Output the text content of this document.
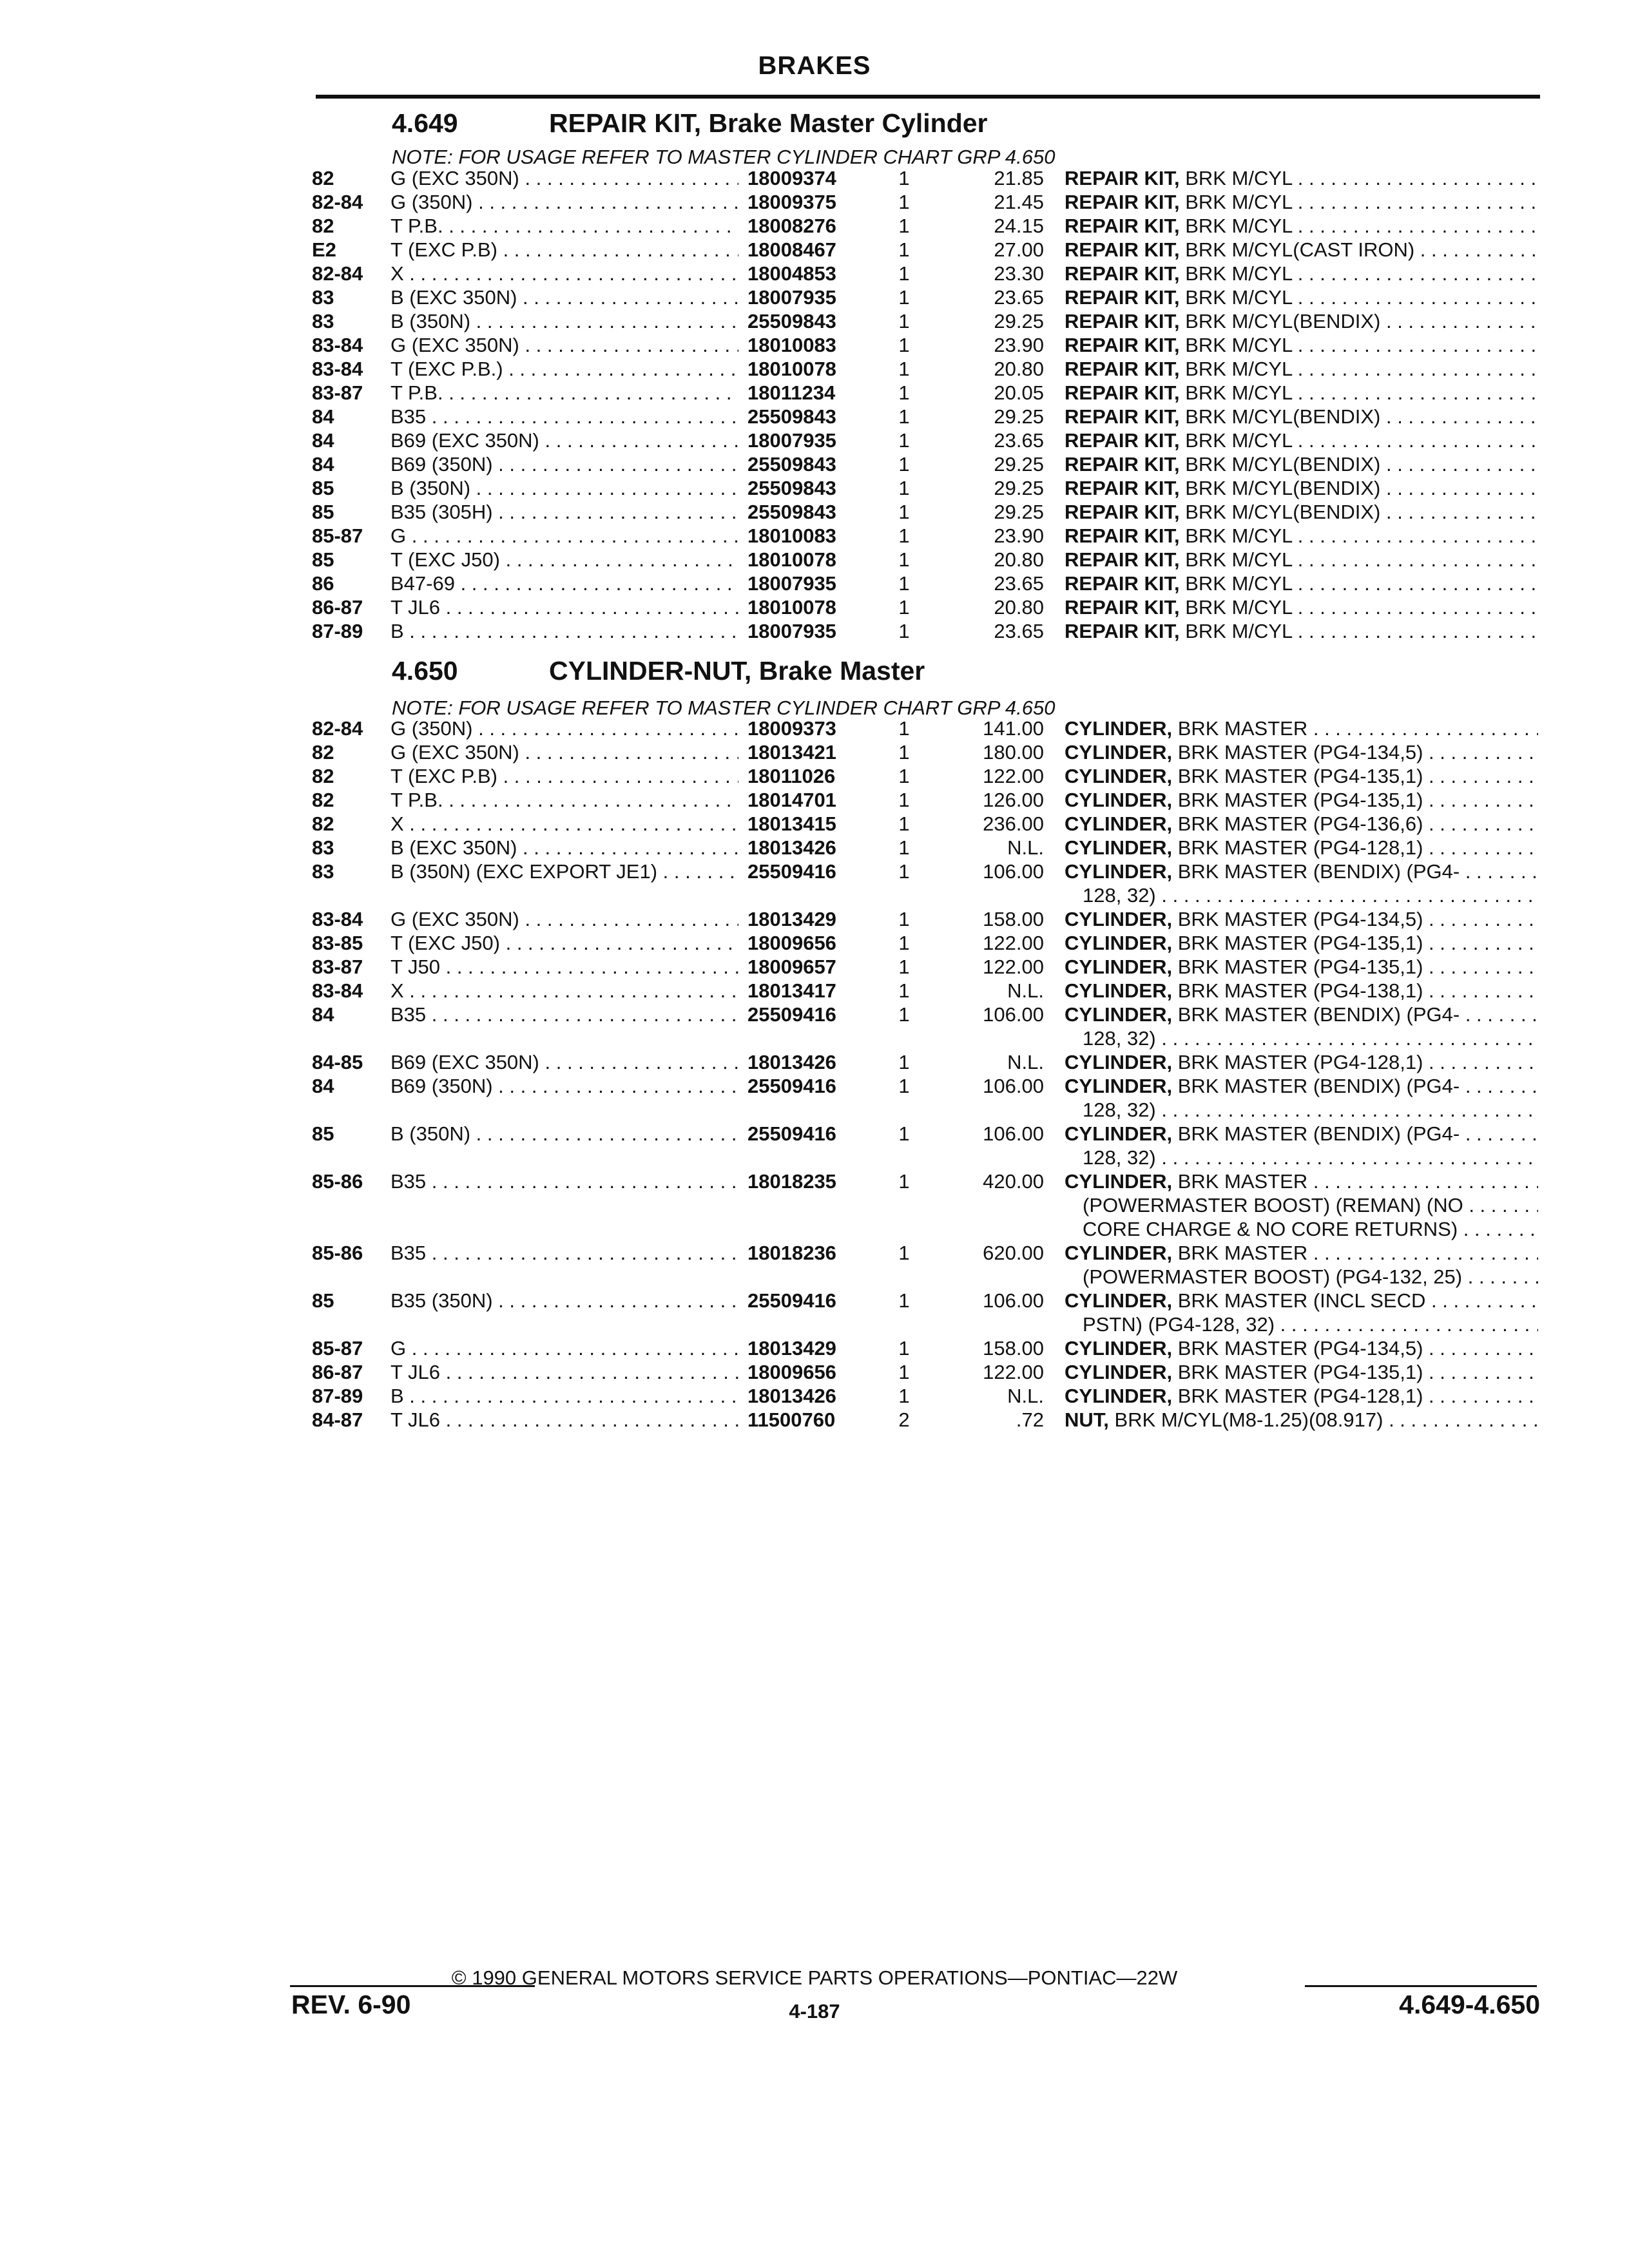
BRAKES
4.649	REPAIR KIT, Brake Master Cylinder
NOTE: FOR USAGE REFER TO MASTER CYLINDER CHART GRP 4.650
82	G (EXC 350N) . . .	18009374	1	21.85 REPAIR KIT, BRK M/CYL . . .
82-84 G (350N) . . .	18009375	1	21.45 REPAIR KIT, BRK M/CYL . . .
82	T P.B. . . .	18008276	1	24.15 REPAIR KIT, BRK M/CYL . . .
E2	T (EXC P.B) . . .	18008467	1	27.00 REPAIR KIT, BRK M/CYL(CAST IRON) . . .
82-84 X . . .	18004853	1	23.30 REPAIR KIT, BRK M/CYL . . .
83	B (EXC 350N) . . .	18007935	1	23.65 REPAIR KIT, BRK M/CYL . . .
83	B (350N) . . .	25509843	1	29.25 REPAIR KIT, BRK M/CYL(BENDIX) . . .
83-84 G (EXC 350N) . . .	18010083	1	23.90 REPAIR KIT, BRK M/CYL . . .
83-84 T (EXC P.B.) . . .	18010078	1	20.80 REPAIR KIT, BRK M/CYL . . .
83-87 T P.B. . . .	18011234	1	20.05 REPAIR KIT, BRK M/CYL . . .
84	B35 . . .	25509843	1	29.25 REPAIR KIT, BRK M/CYL(BENDIX) . . .
84	B69 (EXC 350N) . . .	18007935	1	23.65 REPAIR KIT, BRK M/CYL . . .
84	B69 (350N) . . .	25509843	1	29.25 REPAIR KIT, BRK M/CYL(BENDIX) . . .
85	B (350N) . . .	25509843	1	29.25 REPAIR KIT, BRK M/CYL(BENDIX) . . .
85	B35 (305H) . . .	25509843	1	29.25 REPAIR KIT, BRK M/CYL(BENDIX) . . .
85-87 G . . .	18010083	1	23.90 REPAIR KIT, BRK M/CYL . . .
85	T (EXC J50) . . .	18010078	1	20.80 REPAIR KIT, BRK M/CYL . . .
86	B47-69 . . .	18007935	1	23.65 REPAIR KIT, BRK M/CYL . . .
86-87 T JL6 . . .	18010078	1	20.80 REPAIR KIT, BRK M/CYL . . .
87-89 B . . .	18007935	1	23.65 REPAIR KIT, BRK M/CYL . . .
4.650	CYLINDER-NUT, Brake Master
NOTE: FOR USAGE REFER TO MASTER CYLINDER CHART GRP 4.650
82-84 G (350N) . . .	18009373	1	141.00 CYLINDER, BRK MASTER . . .
82	G (EXC 350N) . . .	18013421	1	180.00 CYLINDER, BRK MASTER (PG4-134,5) . . .
82	T (EXC P.B) . . .	18011026	1	122.00 CYLINDER, BRK MASTER (PG4-135,1) . . .
82	T P.B. . . .	18014701	1	126.00 CYLINDER, BRK MASTER (PG4-135,1) . . .
82	X . . .	18013415	1	236.00 CYLINDER, BRK MASTER (PG4-136,6) . . .
83	B (EXC 350N) . . .	18013426	1	N.L. CYLINDER, BRK MASTER (PG4-128,1) . . .
83	B (350N) (EXC EXPORT JE1) . . .	25509416	1	106.00 CYLINDER, BRK MASTER (BENDIX) (PG4- . . .
128, 32) . . .
83-84 G (EXC 350N) . . .	18013429	1	158.00 CYLINDER, BRK MASTER (PG4-134,5) . . .
83-85 T (EXC J50) . . .	18009656	1	122.00 CYLINDER, BRK MASTER (PG4-135,1) . . .
83-87 T J50 . . .	18009657	1	122.00 CYLINDER, BRK MASTER (PG4-135,1) . . .
83-84 X . . .	18013417	1	N.L. CYLINDER, BRK MASTER (PG4-138,1) . . .
84	B35 . . .	25509416	1	106.00 CYLINDER, BRK MASTER (BENDIX) (PG4- . . .
128, 32) . . .
84-85 B69 (EXC 350N) . . .	18013426	1	N.L. CYLINDER, BRK MASTER (PG4-128,1) . . .
84	B69 (350N) . . .	25509416	1	106.00 CYLINDER, BRK MASTER (BENDIX) (PG4- . . .
128, 32) . . .
85	B (350N) . . .	25509416	1	106.00 CYLINDER, BRK MASTER (BENDIX) (PG4- . . .
128, 32) . . .
85-86 B35 . . .	18018235	1	420.00 CYLINDER, BRK MASTER . . .
(POWERMASTER BOOST) (REMAN) (NO . . .
CORE CHARGE & NO CORE RETURNS) . . .
85-86 B35 . . .	18018236	1	620.00 CYLINDER, BRK MASTER . . .
(POWERMASTER BOOST) (PG4-132, 25) . . .
85	B35 (350N) . . .	25509416	1	106.00 CYLINDER, BRK MASTER (INCL SECD . . .
PSTN) (PG4-128, 32) . . .
85-87 G . . .	18013429	1	158.00 CYLINDER, BRK MASTER (PG4-134,5) . . .
86-87 T JL6 . . .	18009656	1	122.00 CYLINDER, BRK MASTER (PG4-135,1) . . .
87-89 B . . .	18013426	1	N.L. CYLINDER, BRK MASTER (PG4-128,1) . . .
84-87 T JL6 . . .	11500760	2	.72 NUT, BRK M/CYL(M8-1.25)(08.917) . . .
© 1990 GENERAL MOTORS SERVICE PARTS OPERATIONS—PONTIAC—22W
REV. 6-90	4-187	4.649-4.650
